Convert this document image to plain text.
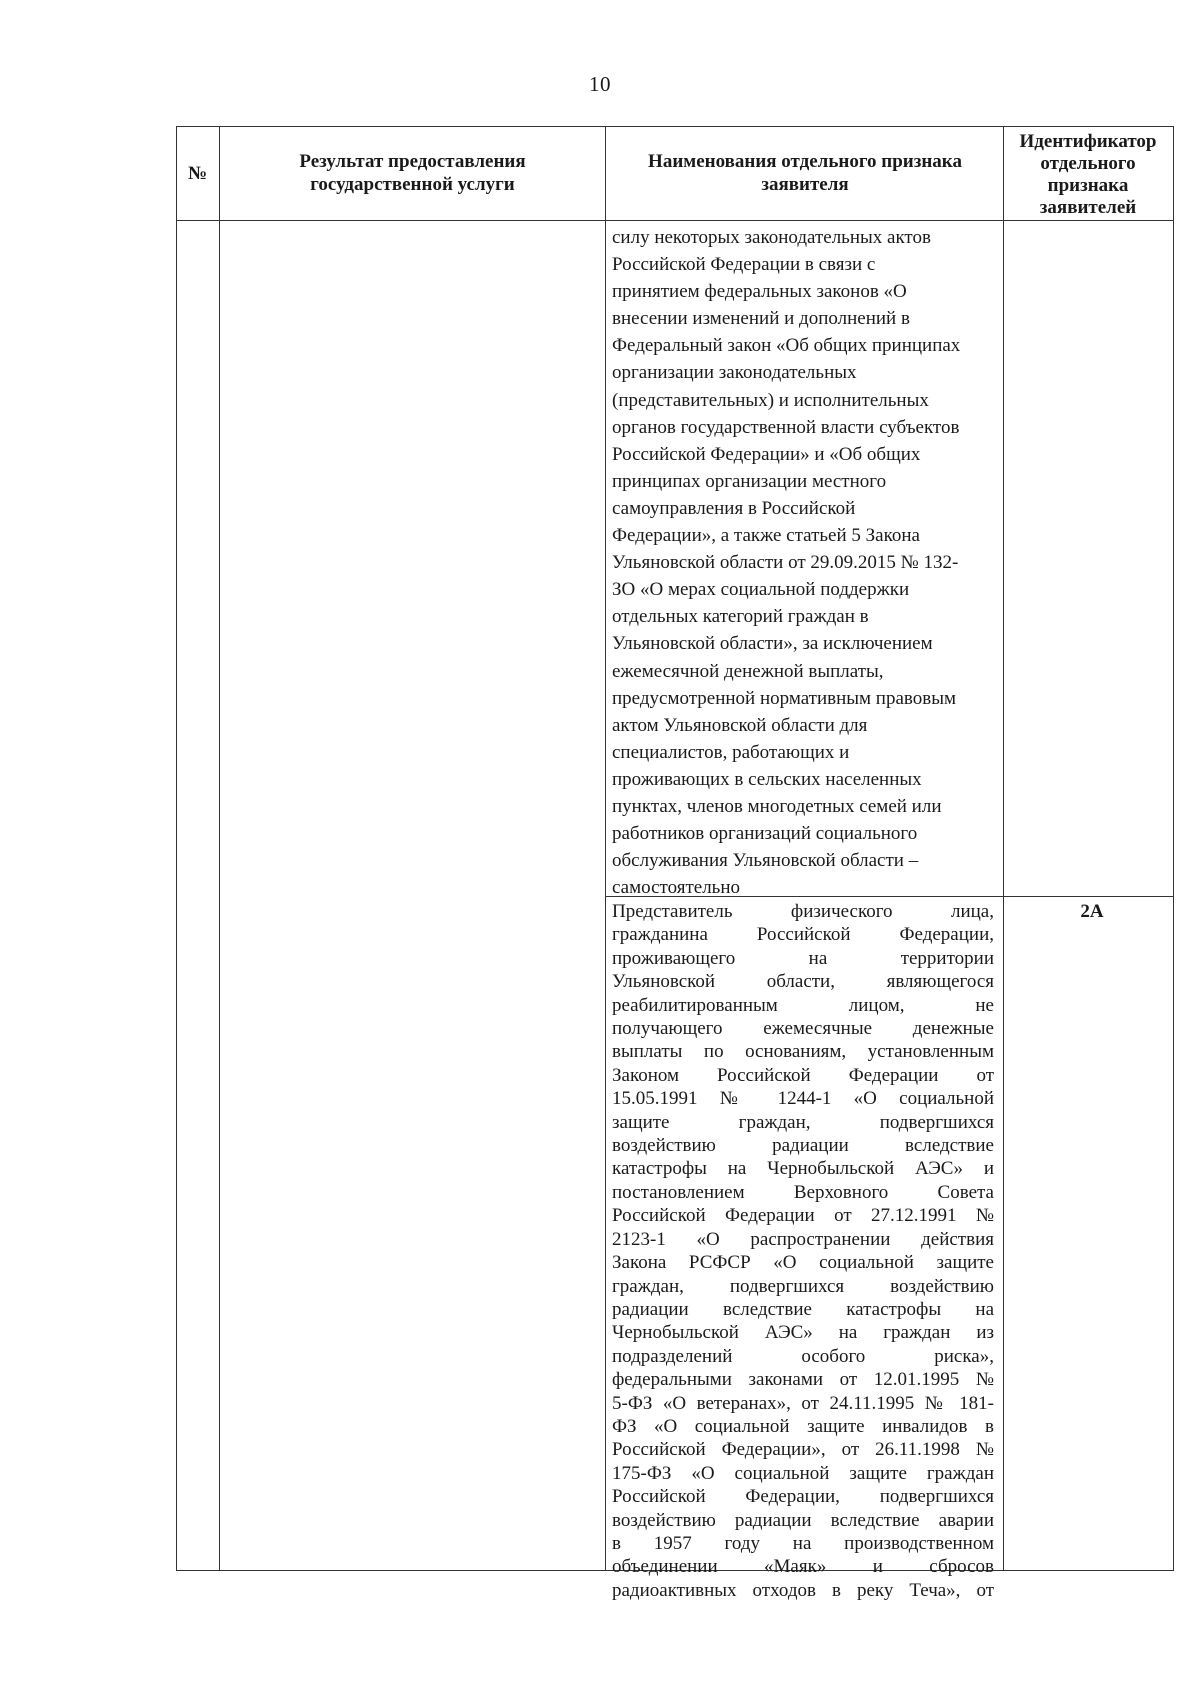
10
№
Результат предоставления государственной услуги
Наименования отдельного признака заявителя
Идентификатор отдельного признака заявителей
силу некоторых законодательных актов
Российской Федерации в связи с
принятием федеральных законов «О
внесении изменений и дополнений в
Федеральный закон «Об общих принципах
организации законодательных
(представительных) и исполнительных
органов государственной власти субъектов
Российской Федерации» и «Об общих
принципах организации местного
самоуправления в Российской
Федерации», а также статьей 5 Закона
Ульяновской области от 29.09.2015 № 132-
ЗО «О мерах социальной поддержки
отдельных категорий граждан в
Ульяновской области», за исключением
ежемесячной денежной выплаты,
предусмотренной нормативным правовым
актом Ульяновской области для
специалистов, работающих и
проживающих в сельских населенных
пунктах, членов многодетных семей или
работников организаций социального
обслуживания Ульяновской области –
самостоятельно
Представитель физического лица,
гражданина Российской Федерации,
проживающего на территории
Ульяновской области, являющегося
реабилитированным лицом, не
получающего ежемесячные денежные
выплаты по основаниям, установленным
Законом Российской Федерации от
15.05.1991 № 1244-1 «О социальной
защите граждан, подвергшихся
воздействию радиации вследствие
катастрофы на Чернобыльской АЭС» и
постановлением Верховного Совета
Российской Федерации от 27.12.1991 №
2123-1 «О распространении действия
Закона РСФСР «О социальной защите
граждан, подвергшихся воздействию
радиации вследствие катастрофы на
Чернобыльской АЭС» на граждан из
подразделений особого риска»,
федеральными законами от 12.01.1995 №
5-ФЗ «О ветеранах», от 24.11.1995 № 181-
ФЗ «О социальной защите инвалидов в
Российской Федерации», от 26.11.1998 №
175-ФЗ «О социальной защите граждан
Российской Федерации, подвергшихся
воздействию радиации вследствие аварии
в 1957 году на производственном
объединении «Маяк» и сбросов
радиоактивных отходов в реку Теча», от
2А
